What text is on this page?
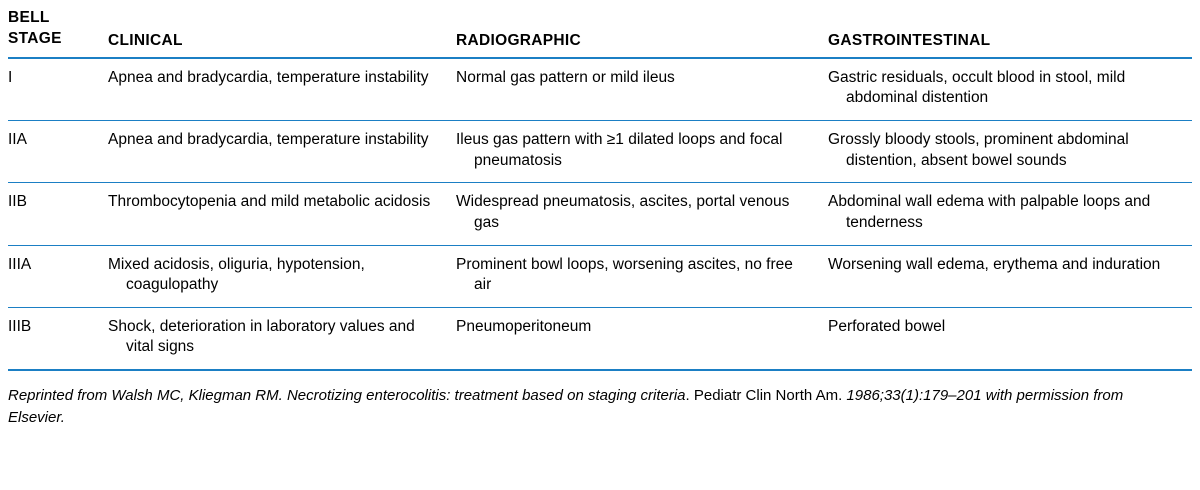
BELL
STAGE	CLINICAL	RADIOGRAPHIC	GASTROINTESTINAL
I	Apnea and bradycardia, temperature instability	Normal gas pattern or mild ileus	Gastric residuals, occult blood in stool, mild abdominal distention

IIA	Apnea and bradycardia, temperature instability	Ileus gas pattern with ≥1 dilated loops and focal pneumatosis	Grossly bloody stools, prominent abdominal distention, absent bowel sounds

IIB	Thrombocytopenia and mild metabolic acidosis	Widespread pneumatosis, ascites, portal venous gas	Abdominal wall edema with palpable loops and tenderness

IIIA	Mixed acidosis, oliguria, hypotension, coagulopathy	Prominent bowl loops, worsening ascites, no free air	Worsening wall edema, erythema and induration

IIIB	Shock, deterioration in laboratory values and vital signs	Pneumoperitoneum	Perforated bowel
Reprinted from Walsh MC, Kliegman RM. Necrotizing enterocolitis: treatment based on staging criteria. Pediatr Clin North Am. 1986;33(1):179–201 with permission from Elsevier.
